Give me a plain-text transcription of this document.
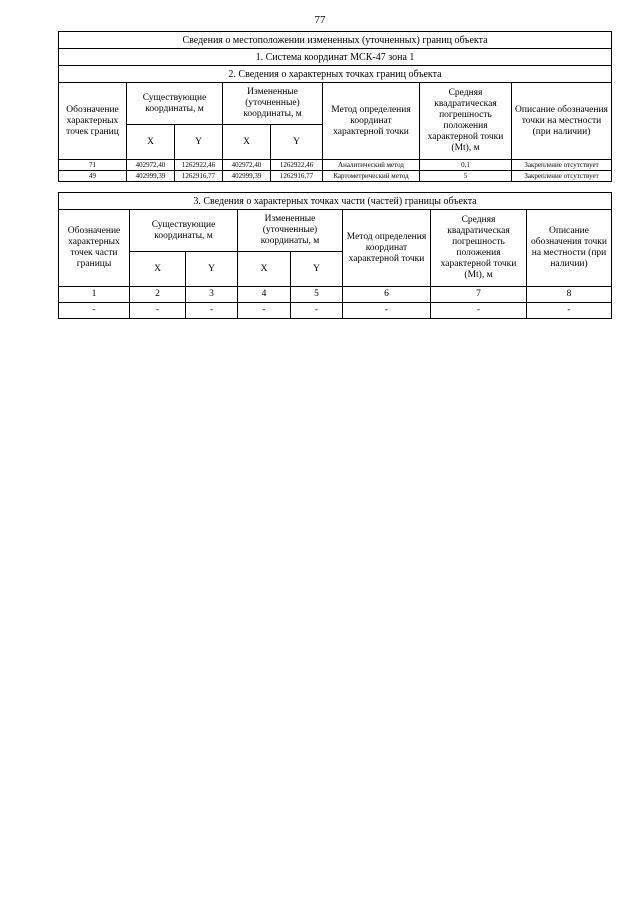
77
Сведения о местоположении измененных (уточненных) границ объекта							
1. Система координат МСК-47 зона 1							
2. Сведения о характерных точках границ объекта							
Обозначение характерных точек границ	Существующие координаты, м		Измененные (уточненные) координаты, м		Метод определения координат характерной точки	Средняя квадратическая погрешность положения характерной точки (Mt), м	Описание обозначения точки на местности (при наличии)
	X	Y	X	Y			
71	402972,40	1262922,46	402972,40	1262922,46	Аналитический метод	0,1	Закрепление отсутствует
49	402999,39	1262916,77	402999,39	1262916,77	Картометрический метод	5	Закрепление отсутствует
3. Сведения о характерных точках части (частей) границы объекта							
Обозначение характерных точек части границы	Существующие координаты, м		Измененные (уточненные) координаты, м		Метод определения координат характерной точки	Средняя квадратическая погрешность положения характерной точки (Mt), м	Описание обозначения точки на местности (при наличии)
	X	Y	X	Y			
1	2	3	4	5	6	7	8
-	-	-	-	-	-	-	-
